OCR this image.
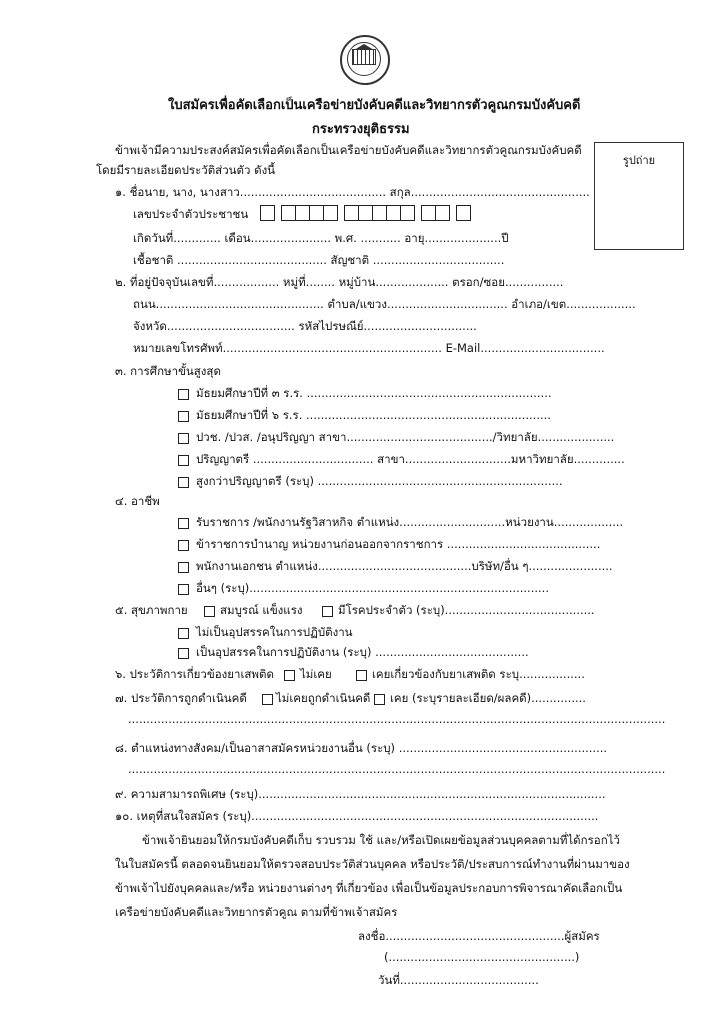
ใบสมัครเพื่อคัดเลือกเป็นเครือข่ายบังคับคดีและวิทยากรตัวคูณกรมบังคับคดี
กระทรวงยุติธรรม
รูปถ่าย
ข้าพเจ้ามีความประสงค์สมัครเพื่อคัดเลือกเป็นเครือข่ายบังคับคดีและวิทยากรตัวคูณกรมบังคับคดี
โดยมีรายละเอียดประวัติส่วนตัว ดังนี้
๑. ชื่อนาย, นาง, นางสาว........................................ สกุล.................................................
เลขประจำตัวประชาชน
เกิดวันที่............. เดือน...................... พ.ศ. ........... อายุ.....................ปี
เชื้อชาติ ......................................... สัญชาติ ....................................
๒. ที่อยู่ปัจจุบันเลขที่.................. หมู่ที่........ หมู่บ้าน.................... ตรอก/ซอย................
ถนน.............................................. ตำบล/แขวง................................. อำเภอ/เขต...................
จังหวัด................................... รหัสไปรษณีย์...............................
หมายเลขโทรศัพท์............................................................ E-Mail..................................
๓. การศึกษาขั้นสูงสุด
มัธยมศึกษาปีที่ ๓ ร.ร. ...................................................................
มัธยมศึกษาปีที่ ๖ ร.ร. ...................................................................
ปวช. /ปวส. /อนุปริญญา สาขา......................................../วิทยาลัย.....................
ปริญญาตรี ................................. สาขา.............................มหาวิทยาลัย..............
สูงกว่าปริญญาตรี (ระบุ) ...................................................................
๔. อาชีพ
รับราชการ /พนักงานรัฐวิสาหกิจ ตำแหน่ง.............................หน่วยงาน...................
ข้าราชการบำนาญ หน่วยงานก่อนออกจากราชการ ..........................................
พนักงานเอกชน ตำแหน่ง..........................................บริษัท/อื่น ๆ.......................
อื่นๆ (ระบุ)..................................................................................
๕. สุขภาพกาย	สมบูรณ์ แข็งแรง	มีโรคประจำตัว (ระบุ).........................................
ไม่เป็นอุปสรรคในการปฏิบัติงาน
เป็นอุปสรรคในการปฏิบัติงาน (ระบุ) ..........................................
๖. ประวัติการเกี่ยวข้องยาเสพติด ไม่เคย	เคยเกี่ยวข้องกับยาเสพติด ระบุ..................
๗. ประวัติการถูกดำเนินคดี	ไม่เคยถูกดำเนินคดี เคย (ระบุรายละเอียด/ผลคดี)...............
...................................................................................................................................................
๘. ตำแหน่งทางสังคม/เป็นอาสาสมัครหน่วยงานอื่น (ระบุ) .........................................................
...................................................................................................................................................
๙. ความสามารถพิเศษ (ระบุ)...............................................................................................
๑๐. เหตุที่สนใจสมัคร (ระบุ)...............................................................................................
ข้าพเจ้ายินยอมให้กรมบังคับคดีเก็บ รวบรวม ใช้ และ/หรือเปิดเผยข้อมูลส่วนบุคคลตามที่ได้กรอกไว้
ในใบสมัครนี้ ตลอดจนยินยอมให้ตรวจสอบประวัติส่วนบุคคล หรือประวัติ/ประสบการณ์ทำงานที่ผ่านมาของ
ข้าพเจ้าไปยังบุคคลและ/หรือ หน่วยงานต่างๆ ที่เกี่ยวข้อง เพื่อเป็นข้อมูลประกอบการพิจารณาคัดเลือกเป็น
เครือข่ายบังคับคดีและวิทยากรตัวคูณ ตามที่ข้าพเจ้าสมัคร
ลงชื่อ.................................................ผู้สมัคร
(...................................................)
วันที่......................................
